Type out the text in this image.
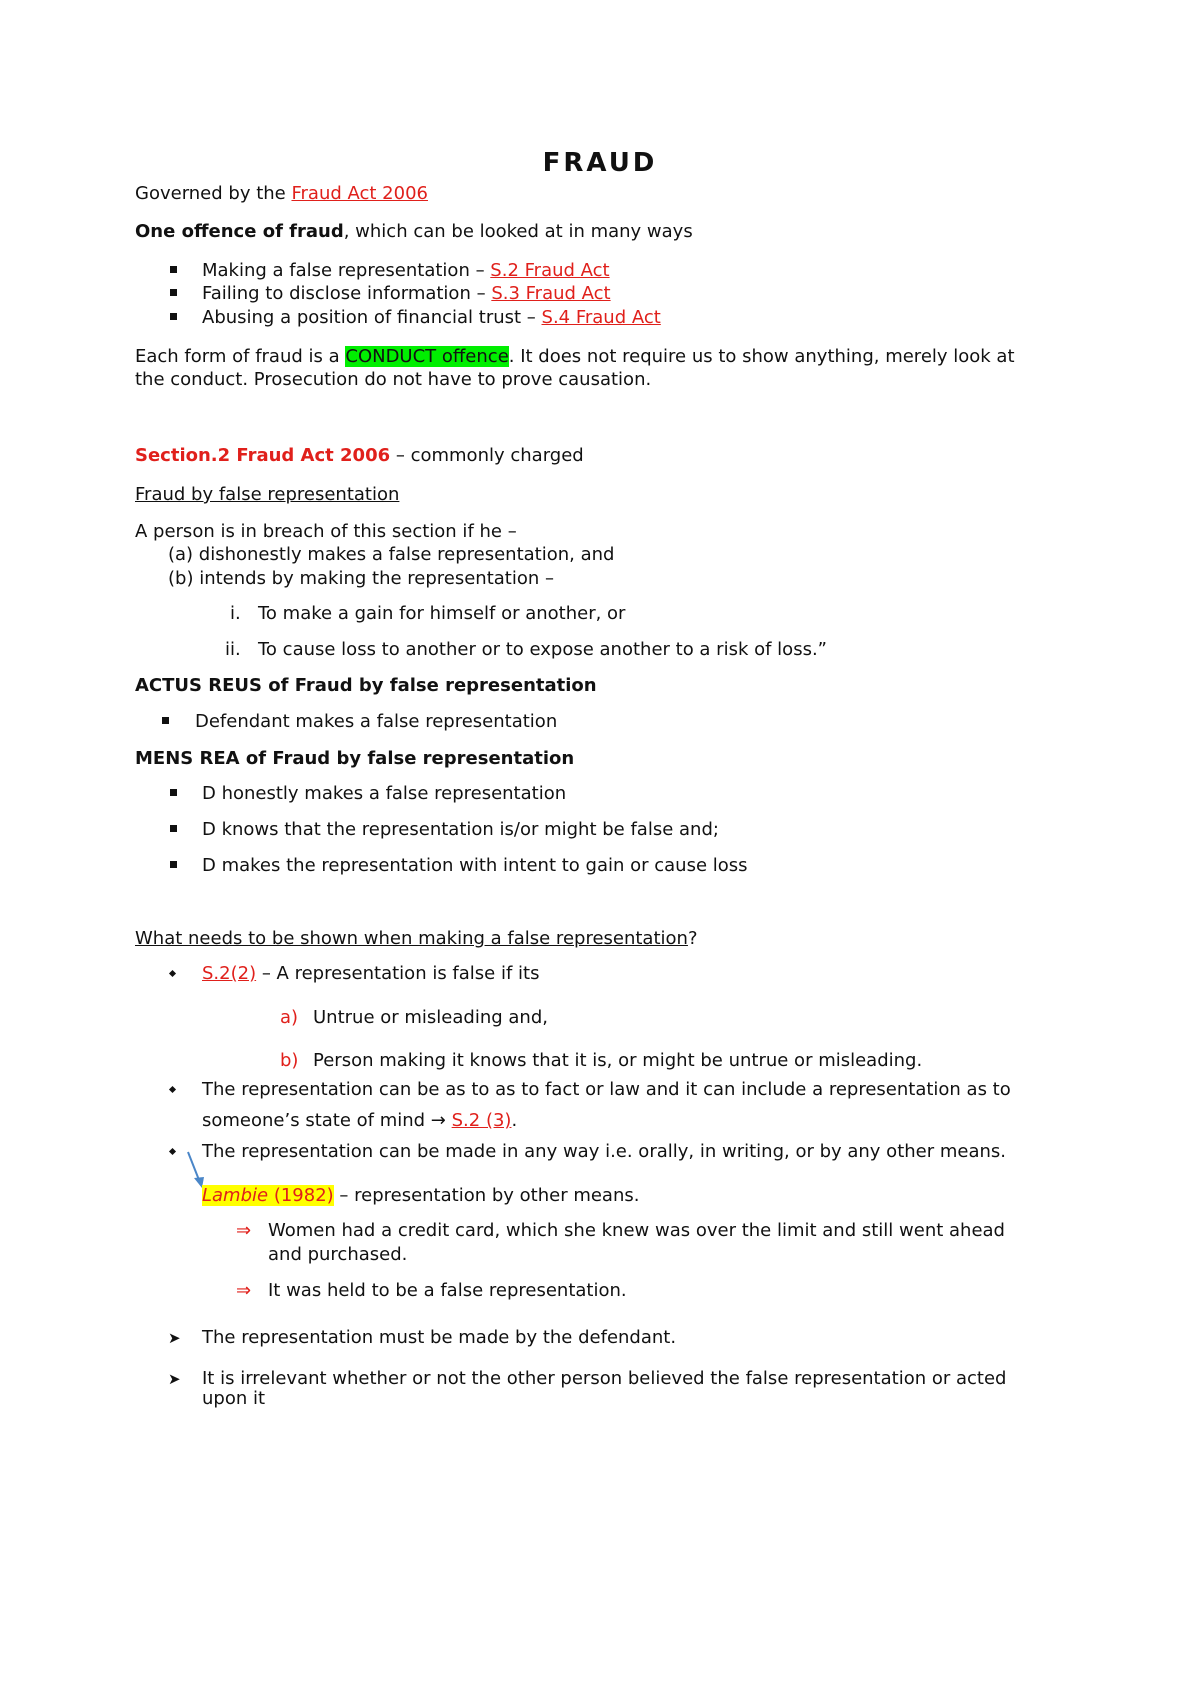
FRAUD
Governed by the Fraud Act 2006
One offence of fraud, which can be looked at in many ways
Making a false representation – S.2 Fraud Act
Failing to disclose information – S.3 Fraud Act
Abusing a position of financial trust – S.4 Fraud Act
Each form of fraud is a CONDUCT offence. It does not require us to show anything, merely look at
the conduct. Prosecution do not have to prove causation.
Section.2 Fraud Act 2006 – commonly charged
Fraud by false representation
A person is in breach of this section if he –
(a) dishonestly makes a false representation, and
(b) intends by making the representation –
i. To make a gain for himself or another, or
ii. To cause loss to another or to expose another to a risk of loss.”
ACTUS REUS of Fraud by false representation
Defendant makes a false representation
MENS REA of Fraud by false representation
D honestly makes a false representation
D knows that the representation is/or might be false and;
D makes the representation with intent to gain or cause loss
What needs to be shown when making a false representation?
S.2(2) – A representation is false if its
a) Untrue or misleading and,
b) Person making it knows that it is, or might be untrue or misleading.
The representation can be as to as to fact or law and it can include a representation as to
someone’s state of mind → S.2 (3).
The representation can be made in any way i.e. orally, in writing, or by any other means.
Lambie (1982) – representation by other means.
⇒ Women had a credit card, which she knew was over the limit and still went ahead
and purchased.
⇒ It was held to be a false representation.
➤ The representation must be made by the defendant.
➤ It is irrelevant whether or not the other person believed the false representation or acted
upon it
